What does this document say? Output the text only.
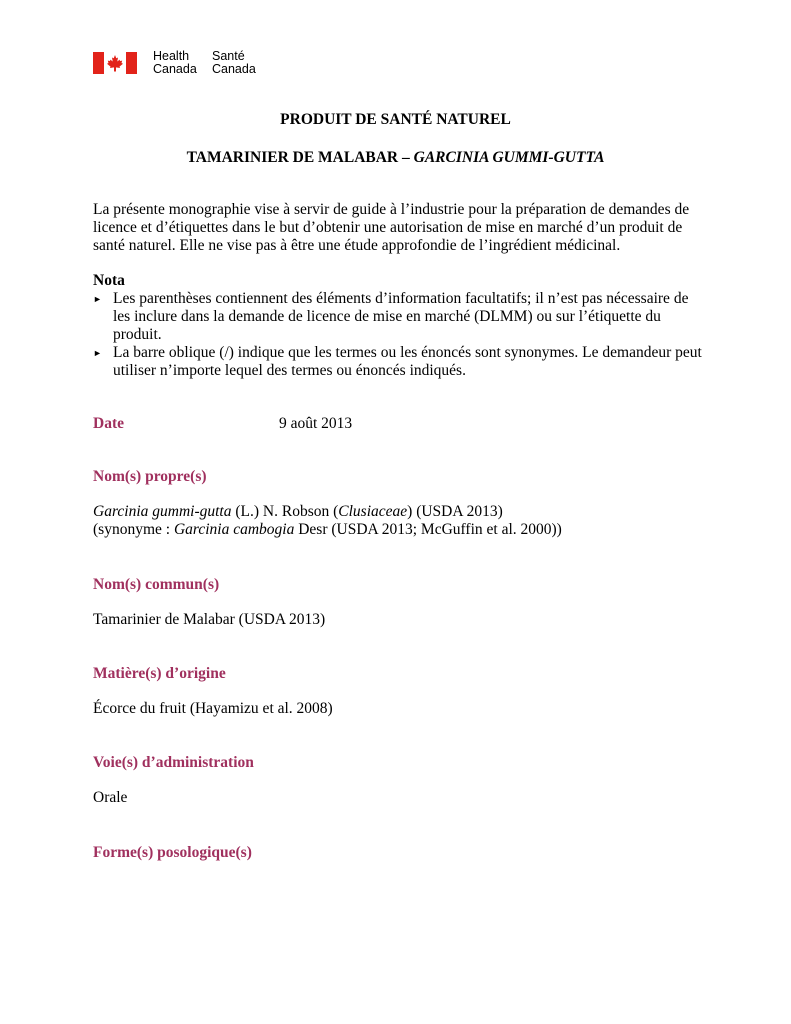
Health
Canada
Santé
Canada
PRODUIT DE SANTÉ NATUREL
TAMARINIER DE MALABAR – GARCINIA GUMMI-GUTTA
La présente monographie vise à servir de guide à l’industrie pour la préparation de demandes de licence et d’étiquettes dans le but d’obtenir une autorisation de mise en marché d’un produit de santé naturel. Elle ne vise pas à être une étude approfondie de l’ingrédient médicinal.
Nota
► Les parenthèses contiennent des éléments d’information facultatifs; il n’est pas nécessaire de les inclure dans la demande de licence de mise en marché (DLMM) ou sur l’étiquette du produit.
► La barre oblique (/) indique que les termes ou les énoncés sont synonymes. Le demandeur peut utiliser n’importe lequel des termes ou énoncés indiqués.
Date	9 août 2013
Nom(s) propre(s)
Garcinia gummi-gutta (L.) N. Robson (Clusiaceae) (USDA 2013)
(synonyme : Garcinia cambogia Desr (USDA 2013; McGuffin et al. 2000))
Nom(s) commun(s)
Tamarinier de Malabar (USDA 2013)
Matière(s) d’origine
Écorce du fruit (Hayamizu et al. 2008)
Voie(s) d’administration
Orale
Forme(s) posologique(s)
